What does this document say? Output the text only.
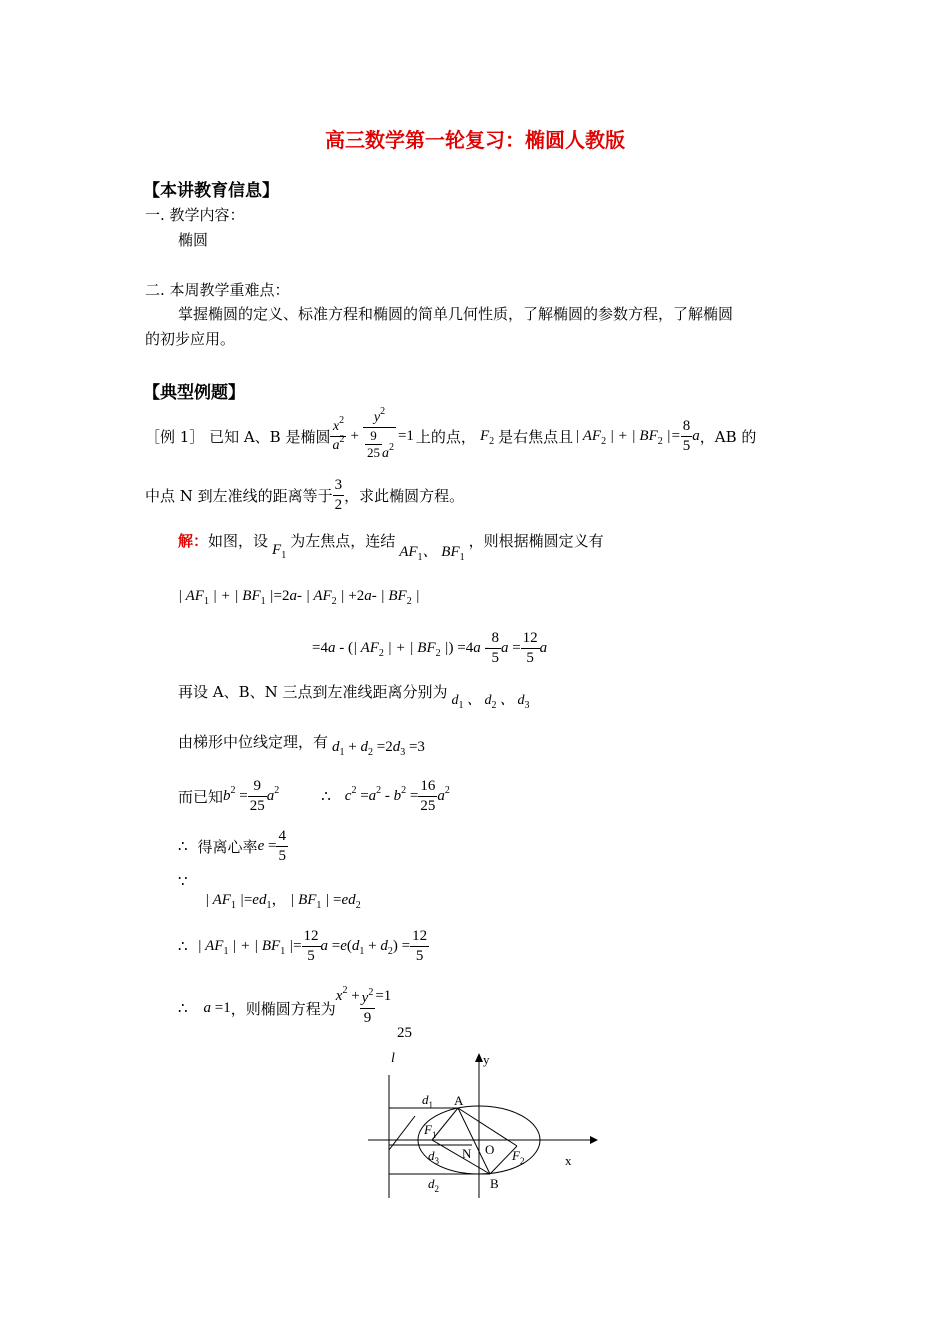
高三数学第一轮复习：椭圆人教版
【本讲教育信息】
一. 教学内容：
椭圆
二. 本周教学重难点：
掌握椭圆的定义、标准方程和椭圆的简单几何性质，了解椭圆的参数方程，了解椭圆
的初步应用。
【典型例题】
［例 1］ 已知 A、B 是椭圆 $\frac{x^2}{a^2} + \frac{y^2}{\frac{9}{25} a^2} =1$ 上的点， $F_2$ 是右焦点且 | $AF_2$ | + | $BF_2$ |= $\frac{8}{5}$ a ，AB 的
中点 N 到左准线的距离等于 $\frac{3}{2}$ ，求此椭圆方程。
解： 如图，设 $F_1$
为左焦点，连结
$AF_1$、 $BF_1$
，则根据椭圆定义有
| $AF_1$ | + | $BF_1$ |=2a- | $AF_2$ | +2a- | $BF_2$ |
=4a - (| $AF_2$ | + | $BF_2$ |) $=4a - \frac{8}{5}$ $a = \frac{12}{5}$ a
再设 A、B、N 三点到左准线距离分别为 $d_1$ 、 $d_2$ 、 $d_3$
由梯形中位线定理，有 $d_1 + d_2 =2d_3 =3$
而已知 $b^2 = \frac{9}{25} a^2$	∴ $c^2 =a^2 - b^2 = \frac{16}{25} a^2$
∴ 得离心率 $e = \frac{4}{5}$
∵
| $AF_1$ $|=ed_1$， | $BF_1$ | $=ed_2$
∴ | $AF_1$ | + | $BF_1$ |= $\frac{12}{5}$ $a =e(d_1 + d_2) = \frac{12}{5}$
∴ a =1 ，则椭圆方程为
$x^2 + \frac{y^2}{9} =1$
25
l	y
x
A
B
O
N
$F_1$
$F_2$
$d_1$
$d_3$
$d_2$
